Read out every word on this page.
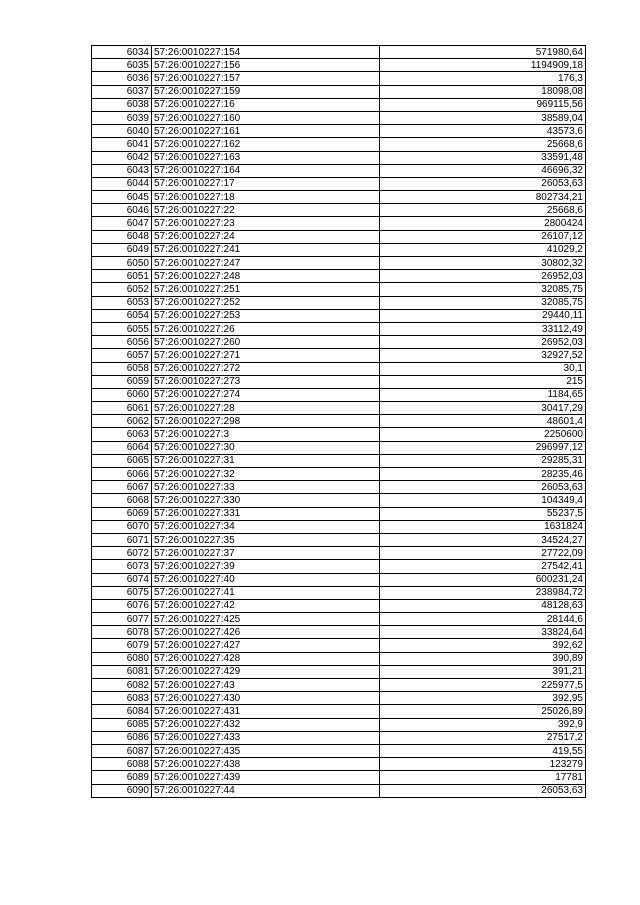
6034	57:26:0010227:154	571980,64
6035	57:26:0010227:156	1194909,18
6036	57:26:0010227:157	176,3
6037	57:26:0010227:159	18098,08
6038	57:26:0010227:16	969115,56
6039	57:26:0010227:160	38589,04
6040	57:26:0010227:161	43573,6
6041	57:26:0010227:162	25668,6
6042	57:26:0010227:163	33591,48
6043	57:26:0010227:164	46696,32
6044	57:26:0010227:17	26053,63
6045	57:26:0010227:18	802734,21
6046	57:26:0010227:22	25668,6
6047	57:26:0010227:23	2800424
6048	57:26:0010227:24	26107,12
6049	57:26:0010227:241	41029,2
6050	57:26:0010227:247	30802,32
6051	57:26:0010227:248	26952,03
6052	57:26:0010227:251	32085,75
6053	57:26:0010227:252	32085,75
6054	57:26:0010227:253	29440,11
6055	57:26:0010227:26	33112,49
6056	57:26:0010227:260	26952,03
6057	57:26:0010227:271	32927,52
6058	57:26:0010227:272	30,1
6059	57:26:0010227:273	215
6060	57:26:0010227:274	1184,65
6061	57:26:0010227:28	30417,29
6062	57:26:0010227:298	48601,4
6063	57:26:0010227:3	2250600
6064	57:26:0010227:30	296997,12
6065	57:26:0010227:31	29285,31
6066	57:26:0010227:32	28235,46
6067	57:26:0010227:33	26053,63
6068	57:26:0010227:330	104349,4
6069	57:26:0010227:331	55237,5
6070	57:26:0010227:34	1631824
6071	57:26:0010227:35	34524,27
6072	57:26:0010227:37	27722,09
6073	57:26:0010227:39	27542,41
6074	57:26:0010227:40	600231,24
6075	57:26:0010227:41	238984,72
6076	57:26:0010227:42	48128,63
6077	57:26:0010227:425	28144,6
6078	57:26:0010227:426	33824,64
6079	57:26:0010227:427	392,62
6080	57:26:0010227:428	390,89
6081	57:26:0010227:429	391,21
6082	57:26:0010227:43	225977,5
6083	57:26:0010227:430	392,95
6084	57:26:0010227:431	25026,89
6085	57:26:0010227:432	392,9
6086	57:26:0010227:433	27517,2
6087	57:26:0010227:435	419,55
6088	57:26:0010227:438	123279
6089	57:26:0010227:439	17781
6090	57:26:0010227:44	26053,63
